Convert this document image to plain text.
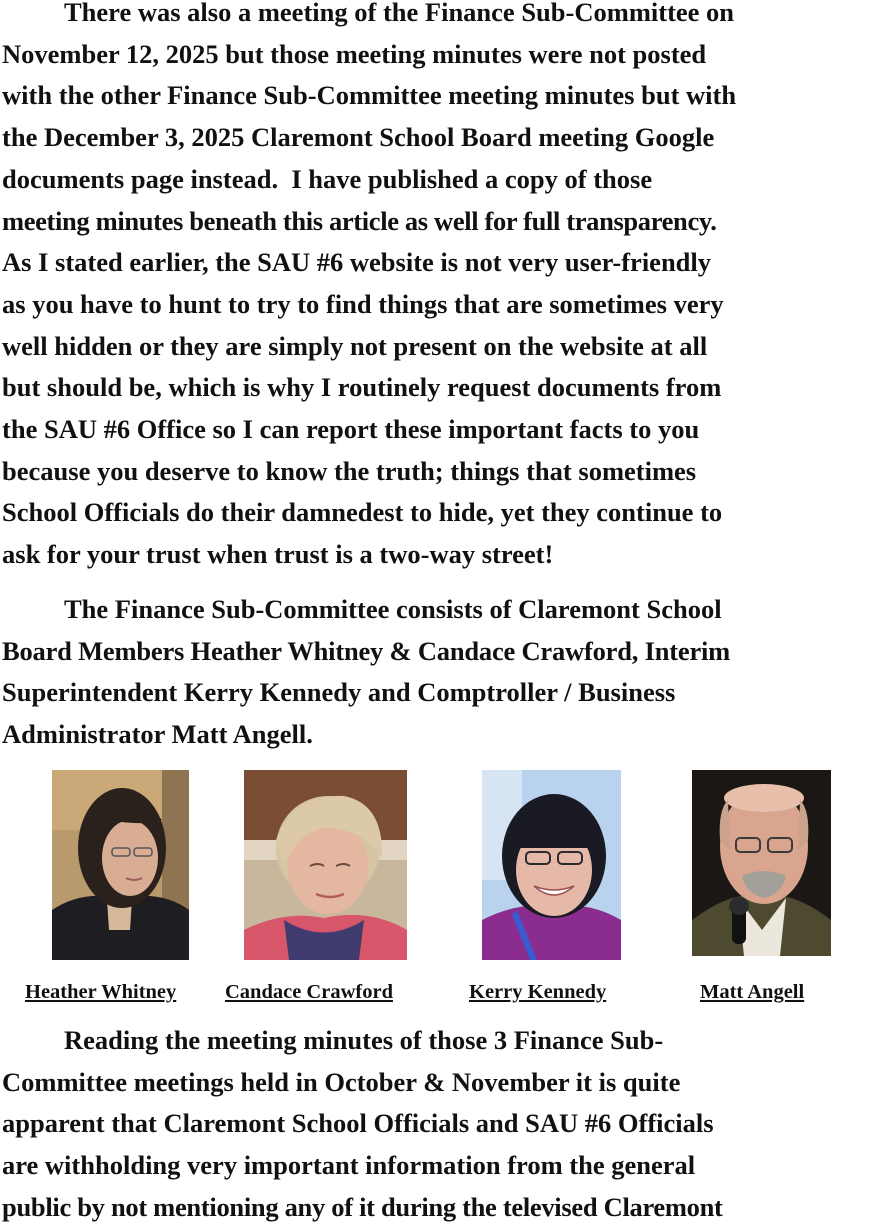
There was also a meeting of the Finance Sub-Committee on
November 12, 2025 but those meeting minutes were not posted
with the other Finance Sub-Committee meeting minutes but with
the December 3, 2025 Claremont School Board meeting Google
documents page instead.  I have published a copy of those
meeting minutes beneath this article as well for full transparency.
As I stated earlier, the SAU #6 website is not very user-friendly
as you have to hunt to try to find things that are sometimes very
well hidden or they are simply not present on the website at all
but should be, which is why I routinely request documents from
the SAU #6 Office so I can report these important facts to you
because you deserve to know the truth; things that sometimes
School Officials do their damnedest to hide, yet they continue to
ask for your trust when trust is a two-way street!

The Finance Sub-Committee consists of Claremont School
Board Members Heather Whitney & Candace Crawford, Interim
Superintendent Kerry Kennedy and Comptroller / Business
Administrator Matt Angell.

Heather Whitney Candace Crawford	Kerry Kennedy	Matt Angell

Reading the meeting minutes of those 3 Finance Sub-
Committee meetings held in October & November it is quite
apparent that Claremont School Officials and SAU #6 Officials
are withholding very important information from the general
public by not mentioning any of it during the televised Claremont
